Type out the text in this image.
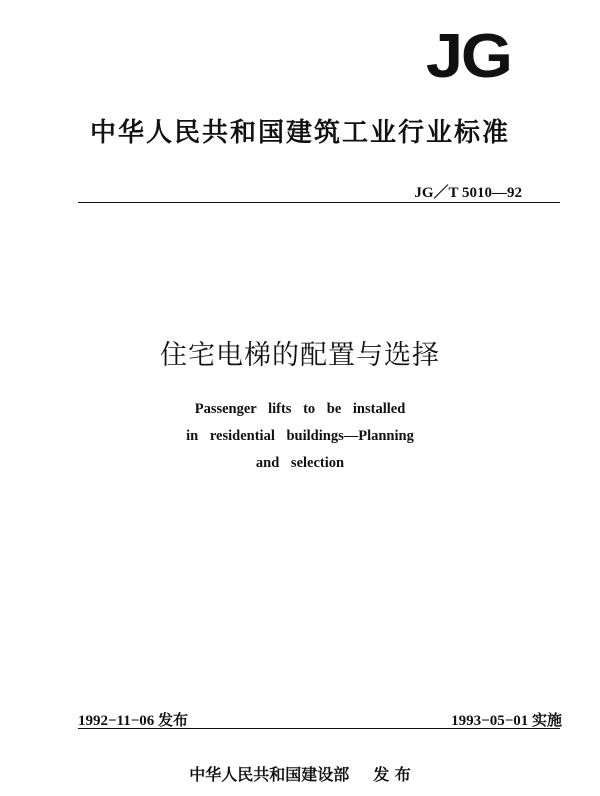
JG
中华人民共和国建筑工业行业标准
JG／T 5010—92
住宅电梯的配置与选择
Passenger lifts to be installed
in residential buildings—Planning
and selection
1992−11−06 发布	1993−05−01 实施
中华人民共和国建设部 发 布
